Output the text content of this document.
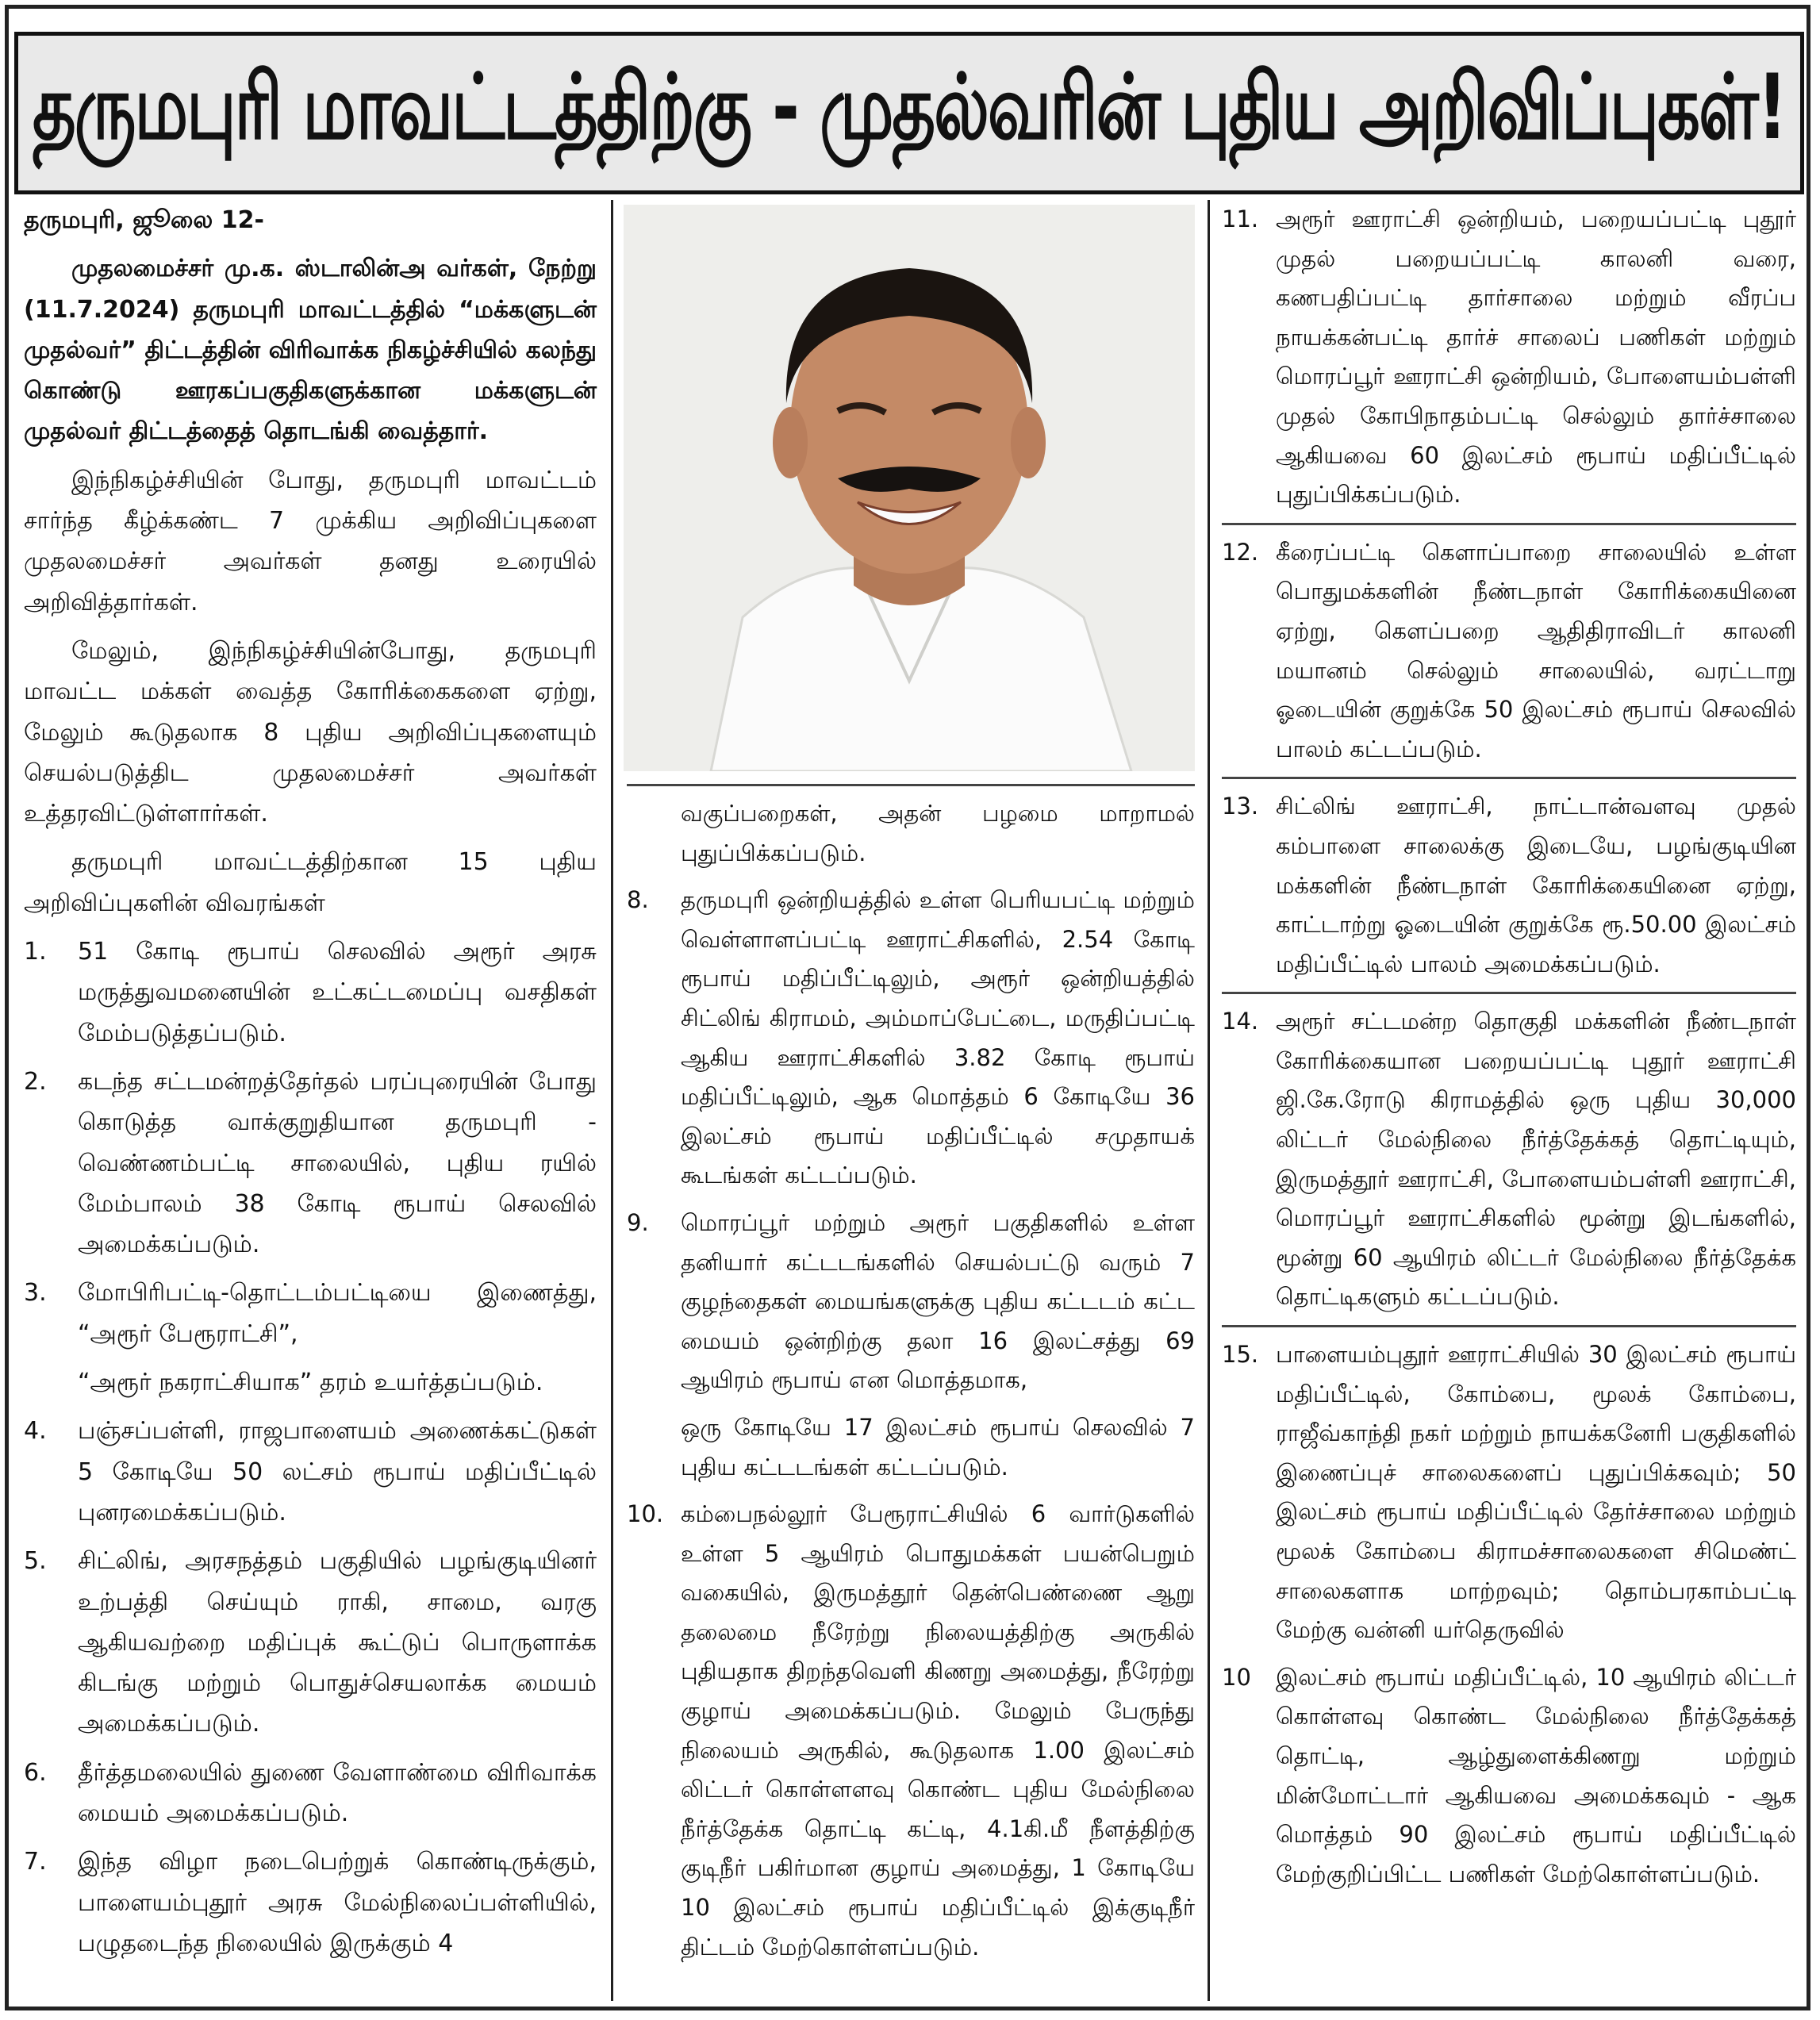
தருமபுரி மாவட்டத்திற்கு - முதல்வரின் புதிய அறிவிப்புகள்!

தருமபுரி, ஜூலை 12-

முதலமைச்சர் மு.க. ஸ்டாலின்அ வர்கள், நேற்று (11.7.2024) தருமபுரி மாவட்டத்தில் “மக்களுடன் முதல்வர்” திட்டத்தின் விரிவாக்க நிகழ்ச்சியில் கலந்து கொண்டு ஊரகப்பகுதிகளுக்கான மக்களுடன் முதல்வர் திட்டத்தைத் தொடங்கி வைத்தார்.

இந்நிகழ்ச்சியின் போது, தருமபுரி மாவட்டம் சார்ந்த கீழ்க்கண்ட 7 முக்கிய அறிவிப்புகளை முதலமைச்சர் அவர்கள் தனது உரையில் அறிவித்தார்கள்.

மேலும், இந்நிகழ்ச்சியின்போது, தருமபுரி மாவட்ட மக்கள் வைத்த கோரிக்கைகளை ஏற்று, மேலும் கூடுதலாக 8 புதிய அறிவிப்புகளையும் செயல்படுத்திட முதலமைச்சர் அவர்கள் உத்தரவிட்டுள்ளார்கள்.

தருமபுரி மாவட்டத்திற்கான 15 புதிய அறிவிப்புகளின் விவரங்கள்

1.	51 கோடி ரூபாய் செலவில் அரூர் அரசு மருத்துவமனையின் உட்கட்டமைப்பு வசதிகள் மேம்படுத்தப்படும்.
2.	கடந்த சட்டமன்றத்தேர்தல் பரப்புரையின் போது கொடுத்த வாக்குறுதியான தருமபுரி - வெண்ணம்பட்டி சாலையில், புதிய ரயில் மேம்பாலம் 38 கோடி ரூபாய் செலவில் அமைக்கப்படும்.
3.	மோபிரிபட்டி-தொட்டம்பட்டியை இணைத்து, “அரூர் பேரூராட்சி”,

“அரூர் நகராட்சியாக” தரம் உயர்த்தப்படும்.

4.	பஞ்சப்பள்ளி, ராஜபாளையம் அணைக்கட்டுகள் 5 கோடியே 50 லட்சம் ரூபாய் மதிப்பீட்டில் புனரமைக்கப்படும்.
5.	சிட்லிங், அரசநத்தம் பகுதியில் பழங்குடியினர் உற்பத்தி செய்யும் ராகி, சாமை, வரகு ஆகியவற்றை மதிப்புக் கூட்டுப் பொருளாக்க கிடங்கு மற்றும் பொதுச்செயலாக்க மையம் அமைக்கப்படும்.
6.	தீர்த்தமலையில் துணை வேளாண்மை விரிவாக்க மையம் அமைக்கப்படும்.
7.	இந்த விழா நடைபெற்றுக் கொண்டிருக்கும், பாளையம்புதூர் அரசு மேல்நிலைப்பள்ளியில், பழுதடைந்த நிலையில் இருக்கும் 4

வகுப்பறைகள், அதன் பழமை மாறாமல் புதுப்பிக்கப்படும்.

8.	தருமபுரி ஒன்றியத்தில் உள்ள பெரியபட்டி மற்றும் வெள்ளாளப்பட்டி ஊராட்சிகளில், 2.54 கோடி ரூபாய் மதிப்பீட்டிலும், அரூர் ஒன்றியத்தில் சிட்லிங் கிராமம், அம்மாப்பேட்டை, மருதிப்பட்டி ஆகிய ஊராட்சிகளில் 3.82 கோடி ரூபாய் மதிப்பீட்டிலும், ஆக மொத்தம் 6 கோடியே 36 இலட்சம் ரூபாய் மதிப்பீட்டில் சமுதாயக் கூடங்கள் கட்டப்படும்.
9.	மொரப்பூர் மற்றும் அரூர் பகுதிகளில் உள்ள தனியார் கட்டடங்களில் செயல்பட்டு வரும் 7 குழந்தைகள் மையங்களுக்கு புதிய கட்டடம் கட்ட மையம் ஒன்றிற்கு தலா 16 இலட்சத்து 69 ஆயிரம் ரூபாய் என மொத்தமாக,

ஒரு கோடியே 17 இலட்சம் ரூபாய் செலவில் 7 புதிய கட்டடங்கள் கட்டப்படும்.

10. கம்பைநல்லூர் பேரூராட்சியில் 6 வார்டுகளில் உள்ள 5 ஆயிரம் பொதுமக்கள் பயன்பெறும் வகையில், இருமத்தூர் தென்பெண்ணை ஆறு தலைமை நீரேற்று நிலையத்திற்கு அருகில் புதியதாக திறந்தவெளி கிணறு அமைத்து, நீரேற்று குழாய் அமைக்கப்படும். மேலும் பேருந்து நிலையம் அருகில், கூடுதலாக 1.00 இலட்சம் லிட்டர் கொள்ளளவு கொண்ட புதிய மேல்நிலை நீர்த்தேக்க தொட்டி கட்டி, 4.1கி.மீ நீளத்திற்கு குடிநீர் பகிர்மான குழாய் அமைத்து, 1 கோடியே 10 இலட்சம் ரூபாய் மதிப்பீட்டில் இக்குடிநீர் திட்டம் மேற்கொள்ளப்படும்.
11. அரூர் ஊராட்சி ஒன்றியம், பறையப்பட்டி புதூர் முதல் பறையப்பட்டி காலனி வரை, கணபதிப்பட்டி தார்சாலை மற்றும் வீரப்ப நாயக்கன்பட்டி தார்ச் சாலைப் பணிகள் மற்றும் மொரப்பூர் ஊராட்சி ஒன்றியம், போளையம்பள்ளி முதல் கோபிநாதம்பட்டி செல்லும் தார்ச்சாலை ஆகியவை 60 இலட்சம் ரூபாய் மதிப்பீட்டில் புதுப்பிக்கப்படும்.
12. கீரைப்பட்டி கௌாப்பாறை சாலையில் உள்ள பொதுமக்களின் நீண்டநாள் கோரிக்கையினை ஏற்று, கௌப்பறை ஆதிதிராவிடர் காலனி மயானம் செல்லும் சாலையில், வரட்டாறு ஓடையின் குறுக்கே 50 இலட்சம் ரூபாய் செலவில் பாலம் கட்டப்படும்.
13. சிட்லிங் ஊராட்சி, நாட்டான்வளவு முதல் கம்பாளை சாலைக்கு இடையே, பழங்குடியின மக்களின் நீண்டநாள் கோரிக்கையினை ஏற்று, காட்டாற்று ஓடையின் குறுக்கே ரூ.50.00 இலட்சம் மதிப்பீட்டில் பாலம் அமைக்கப்படும்.
14. அரூர் சட்டமன்ற தொகுதி மக்களின் நீண்டநாள் கோரிக்கையான பறையப்பட்டி புதூர் ஊராட்சி ஜி.கே.ரோடு கிராமத்தில் ஒரு புதிய 30,000 லிட்டர் மேல்நிலை நீர்த்தேக்கத் தொட்டியும், இருமத்தூர் ஊராட்சி, போளையம்பள்ளி ஊராட்சி, மொரப்பூர் ஊராட்சிகளில் மூன்று இடங்களில், மூன்று 60 ஆயிரம் லிட்டர் மேல்நிலை நீர்த்தேக்க தொட்டிகளும் கட்டப்படும்.
15. பாளையம்புதூர் ஊராட்சியில் 30 இலட்சம் ரூபாய் மதிப்பீட்டில், கோம்பை, மூலக் கோம்பை, ராஜீவ்காந்தி நகர் மற்றும் நாயக்கனேரி பகுதிகளில் இணைப்புச் சாலைகளைப் புதுப்பிக்கவும்; 50 இலட்சம் ரூபாய் மதிப்பீட்டில் தேர்ச்சாலை மற்றும் மூலக் கோம்பை கிராமச்சாலைகளை சிமெண்ட் சாலைகளாக மாற்றவும்; தொம்பரகாம்பட்டி மேற்கு வன்னி யர்தெருவில்
10	இலட்சம் ரூபாய் மதிப்பீட்டில், 10 ஆயிரம் லிட்டர் கொள்ளவு கொண்ட மேல்நிலை நீர்த்தேக்கத் தொட்டி, ஆழ்துளைக்கிணறு மற்றும் மின்மோட்டார் ஆகியவை அமைக்கவும் - ஆக மொத்தம் 90 இலட்சம் ரூபாய் மதிப்பீட்டில் மேற்குறிப்பிட்ட பணிகள் மேற்கொள்ளப்படும்.
